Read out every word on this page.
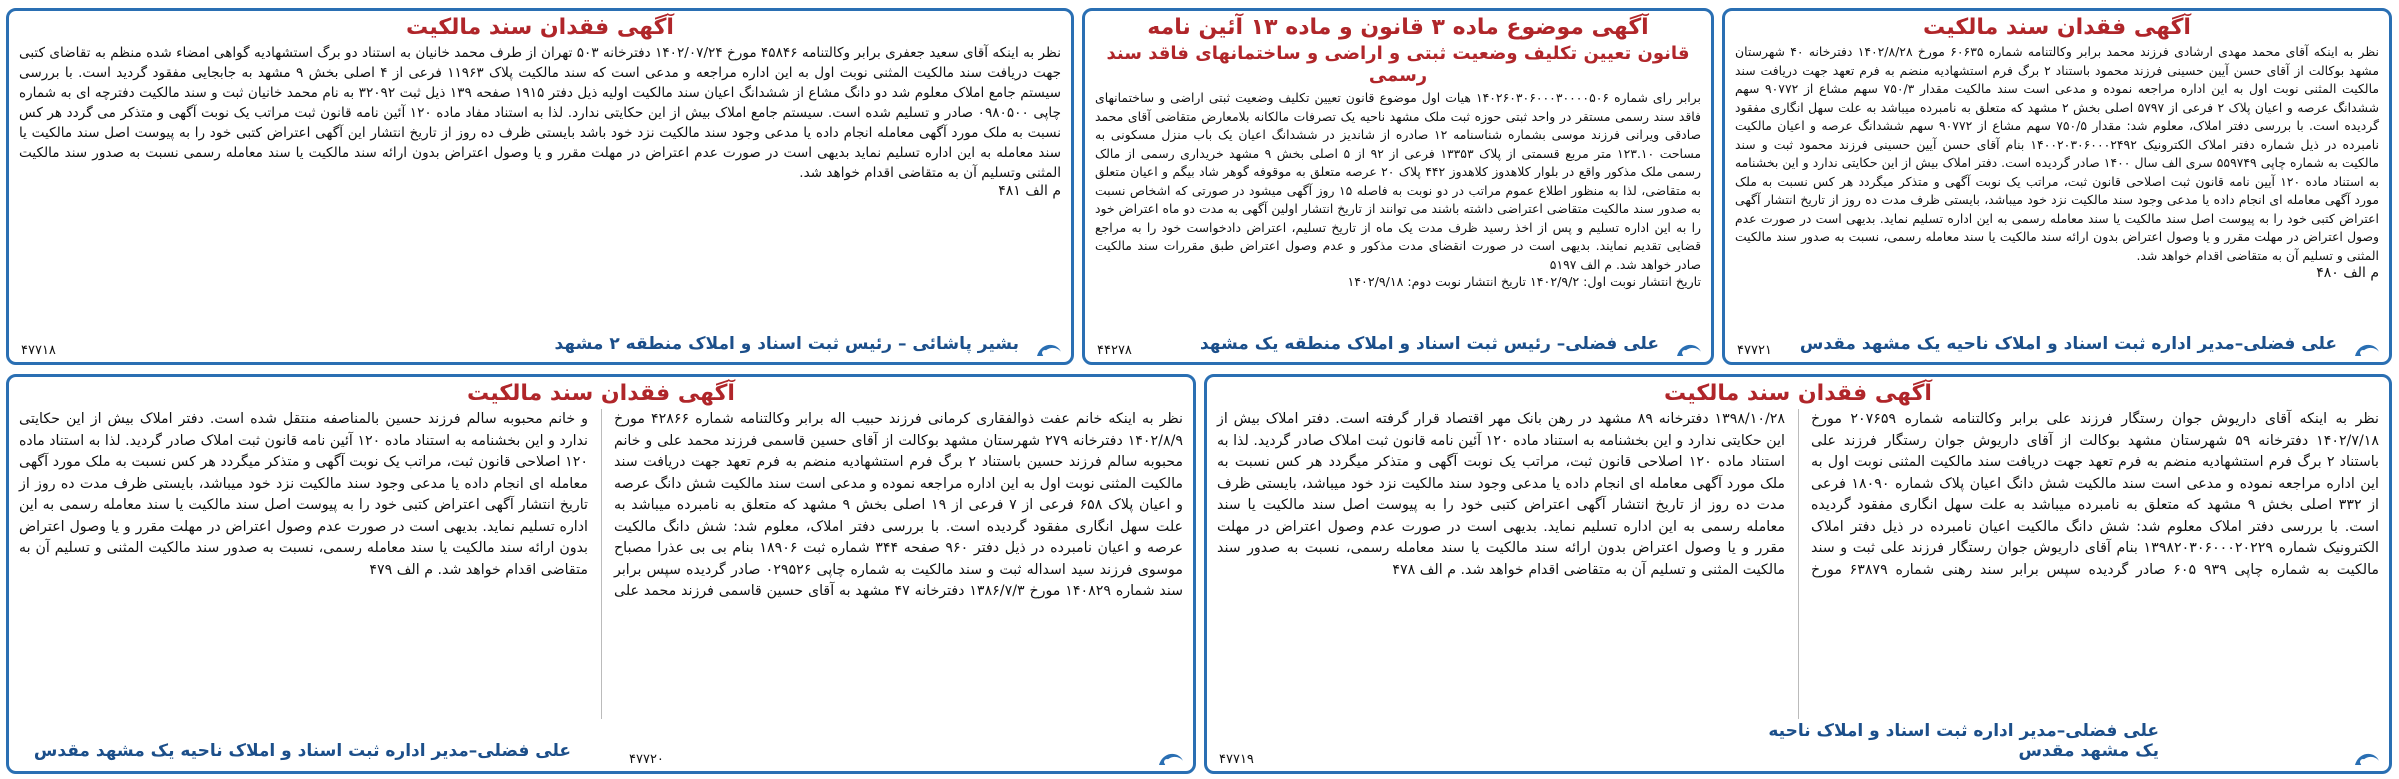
آگهی فقدان سند مالکیت

نظر به اینکه آقای محمد مهدی ارشادی فرزند محمد برابر وکالتنامه شماره ۶۰۶۳۵ مورخ ۱۴۰۲/۸/۲۸ دفترخانه ۴۰ شهرستان مشهد بوکالت از آقای حسن آیین حسینی فرزند محمود باستناد ۲ برگ فرم استشهادیه منضم به فرم تعهد جهت دریافت سند مالکیت المثنی نوبت اول به این اداره مراجعه نموده و مدعی است سند مالکیت مقدار ۷۵۰/۳ سهم مشاع از ۹۰۷۷۲ سهم ششدانگ عرصه و اعیان پلاک ۲ فرعی از ۵۷۹۷ اصلی بخش ۲ مشهد که متعلق به نامبرده میباشد به علت سهل انگاری مفقود گردیده است. با بررسی دفتر املاک، معلوم شد: مقدار ۷۵۰/۵ سهم مشاع از ۹۰۷۷۲ سهم ششدانگ عرصه و اعیان مالکیت نامبرده در ذیل شماره دفتر املاک الکترونیک ۱۴۰۰۲۰۳۰۶۰۰۰۲۴۹۲ بنام آقای حسن آیین حسینی فرزند محمود ثبت و سند مالکیت به شماره چاپی ۵۵۹۷۴۹ سری الف سال ۱۴۰۰ صادر گردیده است. دفتر املاک بیش از این حکایتی ندارد و این بخشنامه به استناد ماده ۱۲۰ آیین نامه قانون ثبت اصلاحی قانون ثبت، مراتب یک نوبت آگهی و متذکر میگردد هر کس نسبت به ملک مورد آگهی معامله ای انجام داده یا مدعی وجود سند مالکیت نزد خود میباشد، بایستی ظرف مدت ده روز از تاریخ انتشار آگهی اعتراض کتبی خود را به پیوست اصل سند مالکیت یا سند معامله رسمی به این اداره تسلیم نماید. بدیهی است در صورت عدم وصول اعتراض در مهلت مقرر و یا وصول اعتراض بدون ارائه سند مالکیت یا سند معامله رسمی، نسبت به صدور سند مالکیت المثنی و تسلیم آن به متقاضی اقدام خواهد شد.

م الف ۴۸۰
علی فضلی–مدیر اداره ثبت اسناد و املاک ناحیه یک مشهد مقدس
۴۷۷۲۱
آگهی موضوع ماده ۳ قانون و ماده ۱۳ آئین نامه
قانون تعیین تکلیف وضعیت ثبتی و اراضی و ساختمانهای فاقد سند رسمی

برابر رای شماره ۱۴۰۲۶۰۳۰۶۰۰۰۳۰۰۰۰۵۰۶ هیات اول موضوع قانون تعیین تکلیف وضعیت ثبتی اراضی و ساختمانهای فاقد سند رسمی مستقر در واحد ثبتی حوزه ثبت ملک مشهد ناحیه یک تصرفات مالکانه بلامعارض متقاضی آقای محمد صادقی ویرانی فرزند موسی بشماره شناسنامه ۱۲ صادره از شاندیز در ششدانگ اعیان یک باب منزل مسکونی به مساحت ۱۲۳.۱۰ متر مربع قسمتی از پلاک ۱۳۳۵۳ فرعی از ۹۲ از ۵ اصلی بخش ۹ مشهد خریداری رسمی از مالک رسمی ملک مذکور واقع در بلوار کلاهدوز کلاهدوز ۴۴۲ پلاک ۲۰ عرصه متعلق به موقوفه گوهر شاد بیگم و اعیان متعلق به متقاضی، لذا به منظور اطلاع عموم مراتب در دو نوبت به فاصله ۱۵ روز آگهی میشود در صورتی که اشخاص نسبت به صدور سند مالکیت متقاضی اعتراضی داشته باشند می توانند از تاریخ انتشار اولین آگهی به مدت دو ماه اعتراض خود را به این اداره تسلیم و پس از اخذ رسید ظرف مدت یک ماه از تاریخ تسلیم، اعتراض دادخواست خود را به مراجع قضایی تقدیم نمایند. بدیهی است در صورت انقضای مدت مذکور و عدم وصول اعتراض طبق مقررات سند مالکیت صادر خواهد شد. م الف ۵۱۹۷

تاریخ انتشار نوبت اول: ۱۴۰۲/۹/۲ تاریخ انتشار نوبت دوم: ۱۴۰۲/۹/۱۸
علی فضلی– رئیس ثبت اسناد و املاک منطقه یک مشهد
۴۴۲۷۸
آگهی فقدان سند مالکیت

نظر به اینکه آقای سعید جعفری برابر وکالتنامه ۴۵۸۴۶ مورخ ۱۴۰۲/۰۷/۲۴ دفترخانه ۵۰۳ تهران از طرف محمد خانیان به استناد دو برگ استشهادیه گواهی امضاء شده منظم به تقاضای کتبی جهت دریافت سند مالکیت المثنی نوبت اول به این اداره مراجعه و مدعی است که سند مالکیت پلاک ۱۱۹۶۳ فرعی از ۴ اصلی بخش ۹ مشهد به جابجایی مفقود گردید است. با بررسی سیستم جامع املاک معلوم شد دو دانگ مشاع از ششدانگ اعیان سند مالکیت اولیه ذیل دفتر ۱۹۱۵ صفحه ۱۳۹ ذیل ثبت ۳۲۰۹۲ به نام محمد خانیان ثبت و سند مالکیت دفترچه ای به شماره چاپی ۰۹۸۰۵۰۰ صادر و تسلیم شده است. سیستم جامع املاک بیش از این حکایتی ندارد. لذا به استناد مفاد ماده ۱۲۰ آئین نامه قانون ثبت مراتب یک نوبت آگهی و متذکر می گردد هر کس نسبت به ملک مورد آگهی معامله انجام داده یا مدعی وجود سند مالکیت نزد خود باشد بایستی ظرف ده روز از تاریخ انتشار این آگهی اعتراض کتبی خود را به پیوست اصل سند مالکیت یا سند معامله به این اداره تسلیم نماید بدیهی است در صورت عدم اعتراض در مهلت مقرر و یا وصول اعتراض بدون ارائه سند مالکیت یا سند معامله رسمی نسبت به صدور سند مالکیت المثنی وتسلیم آن به متقاضی اقدام خواهد شد.

م الف ۴۸۱
بشیر پاشائی – رئیس ثبت اسناد و املاک منطقه ۲ مشهد
۴۷۷۱۸
آگهی فقدان سند مالکیت

نظر به اینکه آقای داریوش جوان رستگار فرزند علی برابر وکالتنامه شماره ۲۰۷۶۵۹ مورخ ۱۴۰۲/۷/۱۸ دفترخانه ۵۹ شهرستان مشهد بوکالت از آقای داریوش جوان رستگار فرزند علی باستناد ۲ برگ فرم استشهادیه منضم به فرم تعهد جهت دریافت سند مالکیت المثنی نوبت اول به این اداره مراجعه نموده و مدعی است سند مالکیت شش دانگ اعیان پلاک شماره ۱۸۰۹۰ فرعی از ۳۳۲ اصلی بخش ۹ مشهد که متعلق به نامبرده میباشد به علت سهل انگاری مفقود گردیده است. با بررسی دفتر املاک معلوم شد: شش دانگ مالکیت اعیان نامبرده در ذیل دفتر املاک الکترونیک شماره ۱۳۹۸۲۰۳۰۶۰۰۰۲۰۲۲۹ بنام آقای داریوش جوان رستگار فرزند علی ثبت و سند مالکیت به شماره چاپی ۹۳۹ ۶۰۵ صادر گردیده سپس برابر سند رهنی شماره ۶۳۸۷۹ مورخ ۱۳۹۸/۱۰/۲۸ دفترخانه ۸۹ مشهد در رهن بانک مهر اقتصاد قرار گرفته است. دفتر املاک بیش از این حکایتی ندارد و این بخشنامه به استناد ماده ۱۲۰ آئین نامه قانون ثبت املاک صادر گردید. لذا به استناد ماده ۱۲۰ اصلاحی قانون ثبت، مراتب یک نوبت آگهی و متذکر میگردد هر کس نسبت به ملک مورد آگهی معامله ای انجام داده یا مدعی وجود سند مالکیت نزد خود میباشد، بایستی ظرف مدت ده روز از تاریخ انتشار آگهی اعتراض کتبی خود را به پیوست اصل سند مالکیت یا سند معامله رسمی به این اداره تسلیم نماید. بدیهی است در صورت عدم وصول اعتراض در مهلت مقرر و یا وصول اعتراض بدون ارائه سند مالکیت یا سند معامله رسمی، نسبت به صدور سند مالکیت المثنی و تسلیم آن به متقاضی اقدام خواهد شد. م الف ۴۷۸

علی فضلی–مدیر اداره ثبت اسناد و املاک ناحیه یک مشهد مقدس
۴۷۷۱۹
آگهی فقدان سند مالکیت

نظر به اینکه خانم عفت ذوالفقاری کرمانی فرزند حبیب اله برابر وکالتنامه شماره ۴۲۸۶۶ مورخ ۱۴۰۲/۸/۹ دفترخانه ۲۷۹ شهرستان مشهد بوکالت از آقای حسین قاسمی فرزند محمد علی و خانم محبوبه سالم فرزند حسین باستناد ۲ برگ فرم استشهادیه منضم به فرم تعهد جهت دریافت سند مالکیت المثنی نوبت اول به این اداره مراجعه نموده و مدعی است سند مالکیت شش دانگ عرصه و اعیان پلاک ۶۵۸ فرعی از ۷ فرعی از ۱۹ اصلی بخش ۹ مشهد که متعلق به نامبرده میباشد به علت سهل انگاری مفقود گردیده است. با بررسی دفتر املاک، معلوم شد: شش دانگ مالکیت عرصه و اعیان نامبرده در ذیل دفتر ۹۶۰ صفحه ۳۴۴ شماره ثبت ۱۸۹۰۶ بنام بی بی عذرا مصباح موسوی فرزند سید اسداله ثبت و سند مالکیت به شماره چاپی ۰۲۹۵۲۶ صادر گردیده سپس برابر سند شماره ۱۴۰۸۲۹ مورخ ۱۳۸۶/۷/۳ دفترخانه ۴۷ مشهد به آقای حسین قاسمی فرزند محمد علی و خانم محبوبه سالم فرزند حسین بالمناصفه منتقل شده است. دفتر املاک بیش از این حکایتی ندارد و این بخشنامه به استناد ماده ۱۲۰ آئین نامه قانون ثبت املاک صادر گردید. لذا به استناد ماده ۱۲۰ اصلاحی قانون ثبت، مراتب یک نوبت آگهی و متذکر میگردد هر کس نسبت به ملک مورد آگهی معامله ای انجام داده یا مدعی وجود سند مالکیت نزد خود میباشد، بایستی ظرف مدت ده روز از تاریخ انتشار آگهی اعتراض کتبی خود را به پیوست اصل سند مالکیت یا سند معامله رسمی به این اداره تسلیم نماید. بدیهی است در صورت عدم وصول اعتراض در مهلت مقرر و یا وصول اعتراض بدون ارائه سند مالکیت یا سند معامله رسمی، نسبت به صدور سند مالکیت المثنی و تسلیم آن به متقاضی اقدام خواهد شد. م الف ۴۷۹

علی فضلی–مدیر اداره ثبت اسناد و املاک ناحیه یک مشهد مقدس	۴۷۷۲۰
